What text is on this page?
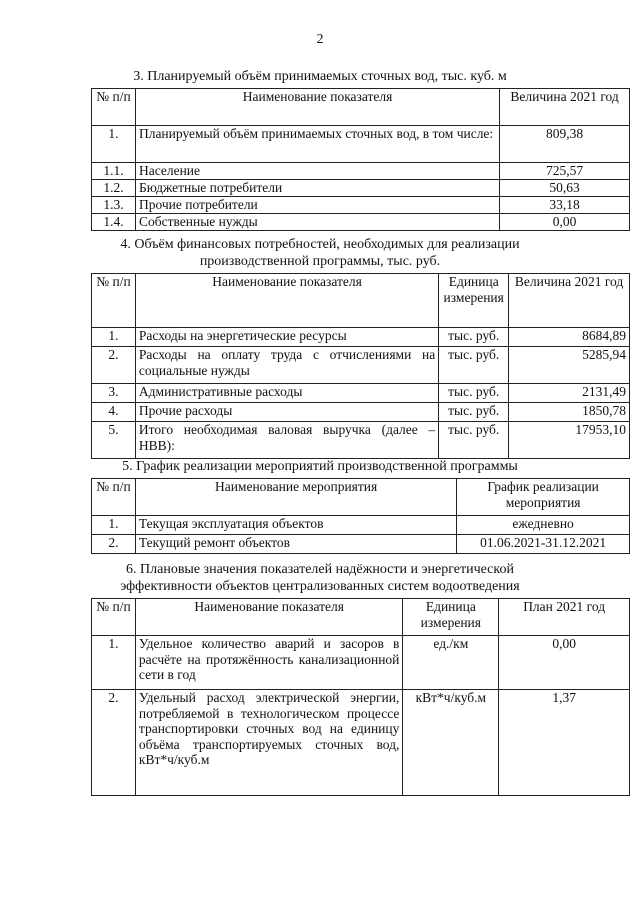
2
3. Планируемый объём принимаемых сточных вод, тыс. куб. м
№ п/п	Наименование показателя	Величина 2021 год
1.	Планируемый объём принимаемых сточных вод, в том числе:	809,38
1.1.	Население	725,57
1.2.	Бюджетные потребители	50,63
1.3.	Прочие потребители	33,18
1.4.	Собственные нужды	0,00
4. Объём финансовых потребностей, необходимых для реализации
производственной программы, тыс. руб.
№ п/п	Наименование показателя	Единица измерения	Величина 2021 год
1.	Расходы на энергетические ресурсы	тыс. руб.	8684,89
2.	Расходы на оплату труда с отчислениями на социальные нужды	тыс. руб.	5285,94
3.	Административные расходы	тыс. руб.	2131,49
4.	Прочие расходы	тыс. руб.	1850,78
5.	Итого необходимая валовая выручка (далее – НВВ):	тыс. руб.	17953,10
5. График реализации мероприятий производственной программы
№ п/п	Наименование мероприятия	График реализации мероприятия
1.	Текущая эксплуатация объектов	ежедневно
2.	Текущий ремонт объектов	01.06.2021-31.12.2021
6. Плановые значения показателей надёжности и энергетической
эффективности объектов централизованных систем водоотведения
№ п/п	Наименование показателя	Единица измерения	План 2021 год
1.	Удельное количество аварий и засоров в расчёте на протяжённость канализационной сети в год	ед./км	0,00
2.	Удельный расход электрической энергии, потребляемой в технологическом процессе транспортировки сточных вод на единицу объёма транспортируемых сточных вод, кВт*ч/куб.м	кВт*ч/куб.м	1,37
